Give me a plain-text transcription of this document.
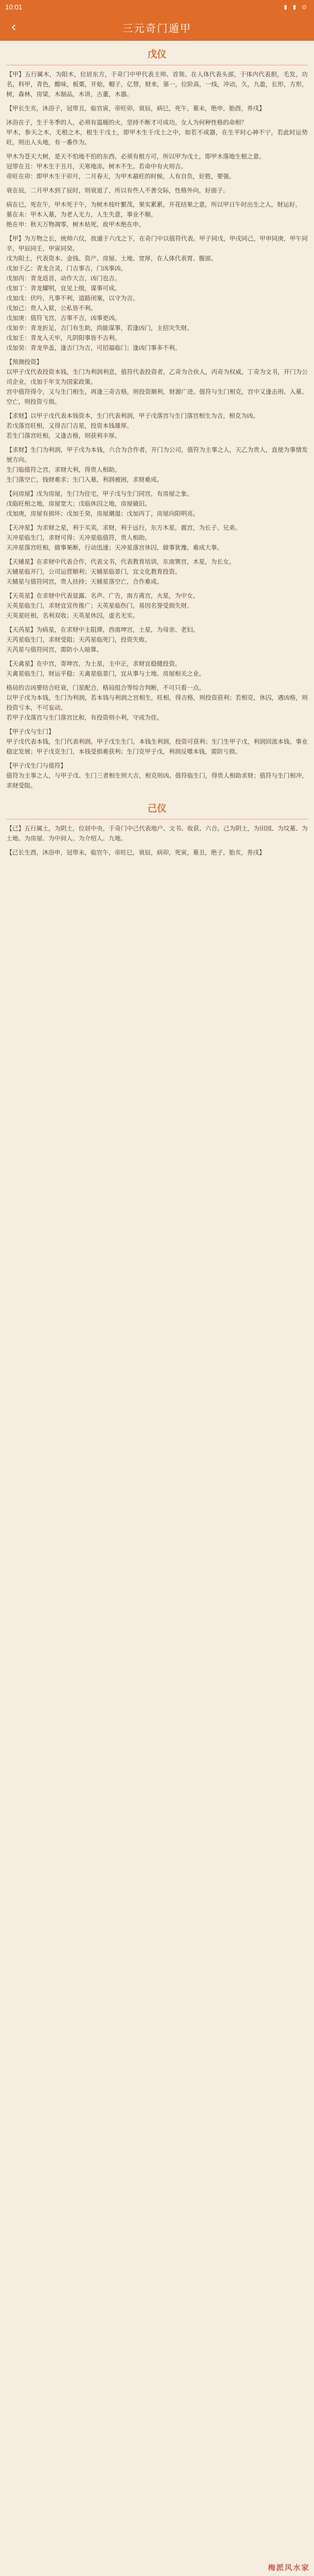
10:01	▮ ▮ ⊙
‹	三元奇门遁甲
戊仪
【甲】五行属木，为阳木，位居东方，于奇门中甲代表主帅、首领、在人体代表头部，于体内代表胆，毛发，功名，科甲，青色，酸味，板栗，开始，帽子，亿替，财来，第一，位阶高，一线，冲动，久，九盈，长形，方形，树，森林，房梁，木制品，木讲，古董，木器。
【甲长生亥，沐浴子，冠带丑，临官寅，帝旺卯，衰辰，病巳，死午，墓未，绝申，胎酉，养戌】
沐浴在子，生于冬季的人，必须有温暖的火，坚持不断才可成功。女人为何种性格的命相？
甲木，参天之木，无根之木，根生于戊土，即甲木生于戊土之中，如若不成器，在生平时心神不宁，若此时运势旺，则出人头地，有一番作为。
甲木为苍天大树，是天不怕地不怕的东西，必须有根方可，所以甲为戊土，即甲木落地生根之意。
冠带在丑：甲木生于丑月，天寒地冻，树木不生。若命中有火则吉。
帝旺在卯：即甲木生于卯月，二月春天，为甲木最旺的时候，人有自负，好胜，要强。
衰在辰，二月甲木到了辰时，则衰退了，所以有些人不善交际，性格外向，好面子。
病在巳，死在午，甲木死于午，为树木枝叶繁茂，果实累累，开花结果之意，所以甲日午时出生之人，财运好。
墓在未：甲木入墓，为老人无力，人生失意，事业不顺。
绝在申：秋天万物凋零，树木枯死，故甲木绝在申。
【甲】为万物之长，统帅六仪，故遁于六戊之下，在奇门中以值符代表。甲子同戊，甲戌同己，甲申同庚，甲午同辛，甲辰同壬，甲寅同癸。
戊为阳土，代表资本、金钱、资产、房屋、土地、宽厚，在人体代表胃、腹部。
戊加于乙：青龙合灵，门吉事吉，门凶事凶。
戊加丙：青龙返首，动作大吉，凶门也吉。
戊加丁：青龙耀明，宜见上级，谋事可成。
戊加戊：伏吟，凡事不利，道路闭塞，以守为吉。
戊加己：贵人入狱，公私皆不利。
戊加庚：值符飞宫，吉事不吉，凶事更凶。
戊加辛：青龙折足，吉门有生助，尚能谋事，若逢凶门，主招灾失财。
戊加壬：青龙入天牢，凡阴阳事皆不吉利。
戊加癸：青龙华盖，逢吉门为吉，可招福临门；逢凶门事多不利。
【预测投资】
以甲子戊代表投资本钱，生门为利润利息，值符代表投资者，乙奇为合伙人，丙奇为权威，丁奇为文书，开门为公司企业，戊加于年支为国家政策。
宫中值符得令，又与生门相生，再逢三奇吉格，则投资顺利，财源广进。值符与生门相克，宫中又逢击刑、入墓、空亡，则投资亏损。
【求财】以甲子戊代表本钱资本，生门代表利润，甲子戊落宫与生门落宫相生为吉，相克为凶。
若戊落宫旺相，又得吉门吉星，投资本钱雄厚。
若生门落宫旺相，又逢吉格，则获利丰厚。
【求财】生门为利润，甲子戊为本钱，六合为合作者，开门为公司，值符为主事之人，天乙为贵人，直使为事情发展方向。
生门临值符之宫，求财大利，得贵人相助。
生门落空亡，钱财难求；生门入墓，利润被困，求财难成。
【问房屋】戊为房屋，生门为住宅，甲子戊与生门同宫，有房屋之象。
戊临旺相之地，房屋宽大；戊临休囚之地，房屋破旧。
戊加庚，房屋有损坏；戊加壬癸，房屋潮湿；戊加丙丁，房屋向阳明亮。
【天冲星】为求财之星，利于买卖，求财，利于远行，东方木星，震宫，为长子、兄弟。
天冲星临生门，求财可得；天冲星临值符，贵人相助。
天冲星落宫旺相，做事果断，行动迅速；天冲星落宫休囚，做事犹豫，难成大事。
【天辅星】在求财中代表合作，代表文书，代表教育培训，东南巽宫，木星，为长女。
天辅星临开门，公司运营顺利；天辅星临景门，宜文化教育投资。
天辅星与值符同宫，贵人扶持；天辅星落空亡，合作难成。
【天英星】在求财中代表显露、名声、广告，南方离宫，火星，为中女。
天英星临生门，求财宜宣传推广；天英星临伤门，易因名誉受损失财。
天英星旺相，名利双收；天英星休囚，虚名无实。
【天芮星】为病星，在求财中主阻滞，西南坤宫，土星，为母亲、老妇。
天芮星临生门，求财受阻；天芮星临死门，投资失败。
天芮星与值符同宫，需防小人暗算。
【天禽星】在中宫，寄坤宫，为土星，主中正，求财宜稳健投资。
天禽星临生门，财运平稳；天禽星临景门，宜从事与土地、房屋相关之业。
格局的吉凶要结合旺衰，门星配合，格局组合等综合判断，不可只看一点。
以甲子戊为本钱，生门为利润，若本钱与利润之宫相生，旺相，得吉格，则投资获利；若相克，休囚，遇凶格，则投资亏本，不可妄动。
若甲子戊落宫与生门落宫比和，有投资则小利，守成为佳。
【甲子戊与生门】
甲子戊代表本钱，生门代表利润。甲子戊生生门，本钱生利润，投资可获利；生门生甲子戊，利润回流本钱，事业稳定发展；甲子戊克生门，本钱受损难获利；生门克甲子戊，利润反噬本钱，需防亏损。
【甲子戊生门与值符】
值符为主事之人，与甲子戊、生门三者相生则大吉，相克则凶。值符临生门，得贵人相助求财；值符与生门相冲，求财受阻。
己仪
【己】五行属土，为阴土，位居中央，于奇门中己代表地户、文书、收获、六合。己为阴土，为田园、为坟墓、为土地、为房屋、为中间人、为介绍人、九地。
【己长生酉，沐浴申，冠带未，临官午，帝旺巳，衰辰，病卯，死寅，墓丑，绝子，胎亥，养戌】
梅派风水家
